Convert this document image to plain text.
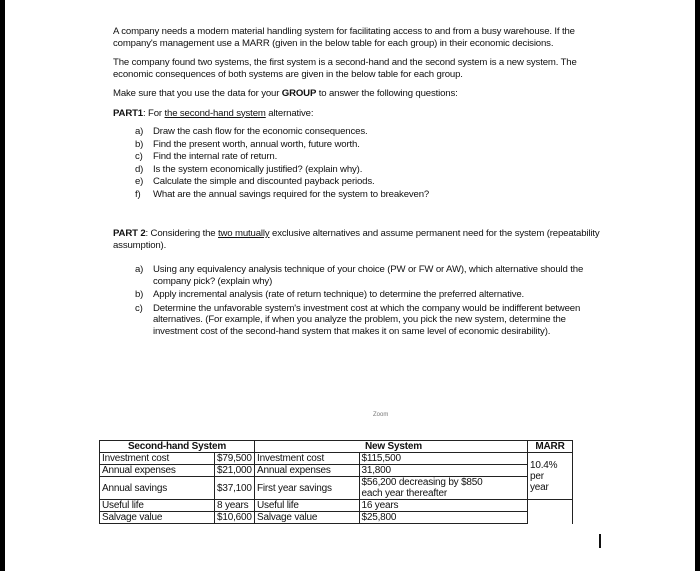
A company needs a modern material handling system for facilitating access to and from a busy warehouse. If the company's management use a MARR (given in the below table for each group) in their economic decisions.

The company found two systems, the first system is a second-hand and the second system is a new system. The economic consequences of both systems are given in the below table for each group.

Make sure that you use the data for your GROUP to answer the following questions:

PART1: For the second-hand system alternative:
a) Draw the cash flow for the economic consequences.
b) Find the present worth, annual worth, future worth.
c) Find the internal rate of return.
d) Is the system economically justified? (explain why).
e) Calculate the simple and discounted payback periods.
f) What are the annual savings required for the system to breakeven?
PART 2: Considering the two mutually exclusive alternatives and assume permanent need for the system (repeatability assumption).
a) Using any equivalency analysis technique of your choice (PW or FW or AW), which alternative should the company pick? (explain why)
b) Apply incremental analysis (rate of return technique) to determine the preferred alternative.
c) Determine the unfavorable system's investment cost at which the company would be indifferent between alternatives. (For example, if when you analyze the problem, you pick the new system, determine the investment cost of the second-hand system that makes it on same level of economic desirability).
Zoom
Second-hand System			New System	MARR
Investment cost	$79,500	Investment cost	$115,500	10.4%
per
year

Annual expenses	$21,000	Annual expenses	31,800	
Annual savings	$37,100	First year savings	$56,200 decreasing by $850
each year thereafter	

Useful life	8 years	Useful life	16 years	
Salvage value	$10,600	Salvage value	$25,800	
